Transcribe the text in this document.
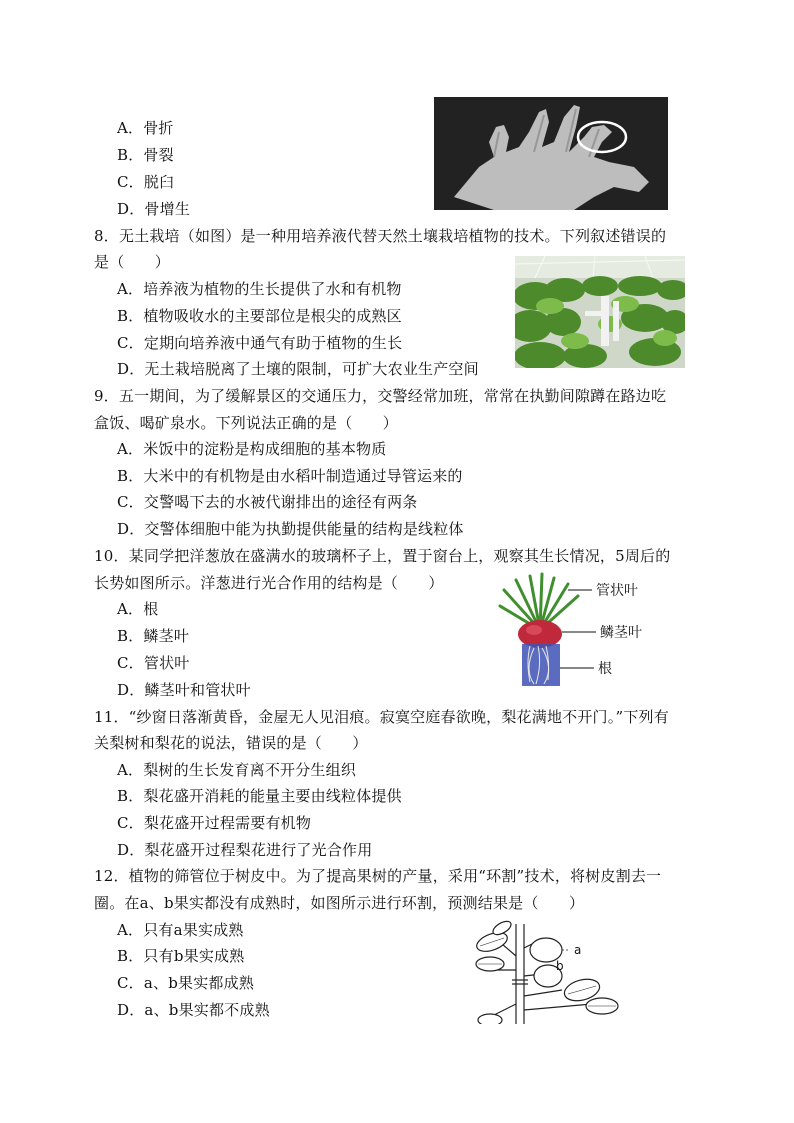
A．骨折
B．骨裂
C．脱臼
D．骨增生
8．无土栽培（如图）是一种用培养液代替天然土壤栽培植物的技术。下列叙述错误的
是（　　）
A．培养液为植物的生长提供了水和有机物
B．植物吸收水的主要部位是根尖的成熟区
C．定期向培养液中通气有助于植物的生长
D．无土栽培脱离了土壤的限制，可扩大农业生产空间
9．五一期间，为了缓解景区的交通压力，交警经常加班，常常在执勤间隙蹲在路边吃
盒饭、喝矿泉水。下列说法正确的是（　　）
A．米饭中的淀粉是构成细胞的基本物质
B．大米中的有机物是由水稻叶制造通过导管运来的
C．交警喝下去的水被代谢排出的途径有两条
D．交警体细胞中能为执勤提供能量的结构是线粒体
10．某同学把洋葱放在盛满水的玻璃杯子上，置于窗台上，观察其生长情况，5周后的
长势如图所示。洋葱进行光合作用的结构是（　　）
A．根
B．鳞茎叶
C．管状叶
D．鳞茎叶和管状叶
管状叶
鳞茎叶
根
11．“纱窗日落渐黄昏，金屋无人见泪痕。寂寞空庭春欲晚，梨花满地不开门。”下列有
关梨树和梨花的说法，错误的是（　　）
A．梨树的生长发育离不开分生组织
B．梨花盛开消耗的能量主要由线粒体提供
C．梨花盛开过程需要有机物
D．梨花盛开过程梨花进行了光合作用
12．植物的筛管位于树皮中。为了提高果树的产量，采用“环割”技术，将树皮割去一
圈。在a、b果实都没有成熟时，如图所示进行环割，预测结果是（　　）
A．只有a果实成熟
B．只有b果实成熟
C．a、b果实都成熟
D．a、b果实都不成熟
a
b
